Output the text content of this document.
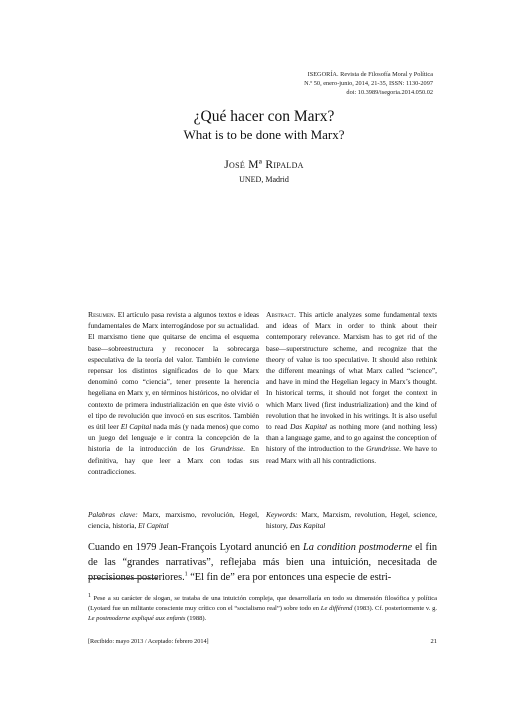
ISEGORÍA. Revista de Filosofía Moral y Política
N.º 50, enero-junio, 2014, 21-35, ISSN: 1130-2097
doi: 10.3989/isegoria.2014.050.02
¿Qué hacer con Marx?
What is to be done with Marx?
José Mª Ripalda
UNED, Madrid
Resumen. El artículo pasa revista a algunos textos e ideas fundamentales de Marx interrogándose por su actualidad. El marxismo tiene que quitarse de encima el esquema base—sobreestructura y reconocer la sobrecarga especulativa de la teoría del valor. También le conviene repensar los distintos significados de lo que Marx denominó como “ciencia”, tener presente la herencia hegeliana en Marx y, en términos históricos, no olvidar el contexto de primera industrialización en que éste vivió o el tipo de revolución que invocó en sus escritos. También es útil leer El Capital nada más (y nada menos) que como un juego del lenguaje e ir contra la concepción de la historia de la introducción de los Grundrisse. En definitiva, hay que leer a Marx con todas sus contradicciones.
Abstract. This article analyzes some fundamental texts and ideas of Marx in order to think about their contemporary relevance. Marxism has to get rid of the base—superstructure scheme, and recognize that the theory of value is too speculative. It should also rethink the different meanings of what Marx called “science”, and have in mind the Hegelian legacy in Marx’s thought. In historical terms, it should not forget the context in which Marx lived (first industrialization) and the kind of revolution that he invoked in his writings. It is also useful to read Das Kapital as nothing more (and nothing less) than a language game, and to go against the conception of history of the introduction to the Grundrisse. We have to read Marx with all his contradictions.
Palabras clave: Marx, marxismo, revolución, Hegel, ciencia, historia, El Capital
Keywords: Marx, Marxism, revolution, Hegel, science, history, Das Kapital
Cuando en 1979 Jean-François Lyotard anunció en La condition postmoderne el fin de las “grandes narrativas”, reflejaba más bien una intuición, necesitada de precisiones posteriores.$^1$ “El fin de” era por entonces una especie de estri-
1 Pese a su carácter de slogan, se trataba de una intuición compleja, que desarrollaría en todo su dimensión filosófica y política (Lyotard fue un militante consciente muy crítico con el “socialismo real”) sobre todo en Le différend (1983). Cf. posteriormente v. g. Le postmoderne expliqué aux enfants (1988).
[Recibido: mayo 2013 / Aceptado: febrero 2014]	21
